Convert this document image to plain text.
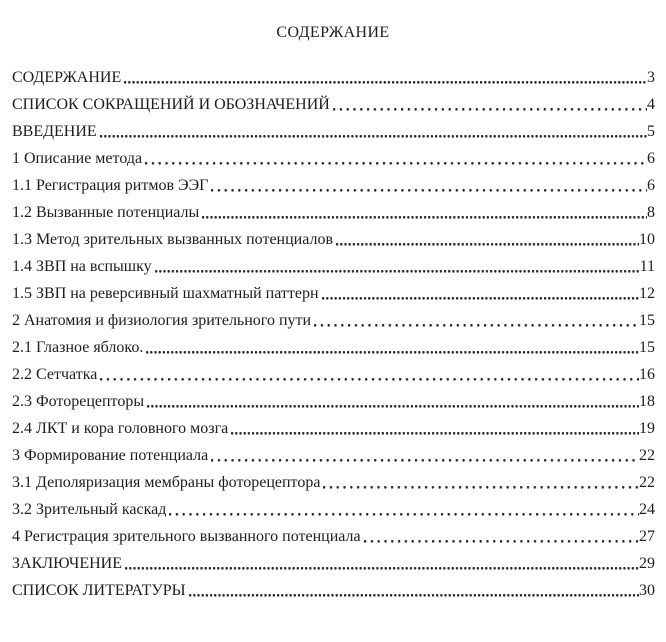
СОДЕРЖАНИЕ
СОДЕРЖАНИЕ	3
СПИСОК СОКРАЩЕНИЙ И ОБОЗНАЧЕНИЙ	4
ВВЕДЕНИЕ	5
1 Описание метода	6
1.1 Регистрация ритмов ЭЭГ	6
1.2 Вызванные потенциалы	8
1.3 Метод зрительных вызванных потенциалов	10
1.4 ЗВП на вспышку	11
1.5 ЗВП на реверсивный шахматный паттерн	12
2 Анатомия и физиология зрительного пути	15
2.1 Глазное яблоко.	15
2.2 Сетчатка	16
2.3 Фоторецепторы	18
2.4 ЛКТ и кора головного мозга	19
3 Формирование потенциала	22
3.1 Деполяризация мембраны фоторецептора	22
3.2 Зрительный каскад	24
4 Регистрация зрительного вызванного потенциала	27
ЗАКЛЮЧЕНИЕ	29
СПИСОК ЛИТЕРАТУРЫ	30
